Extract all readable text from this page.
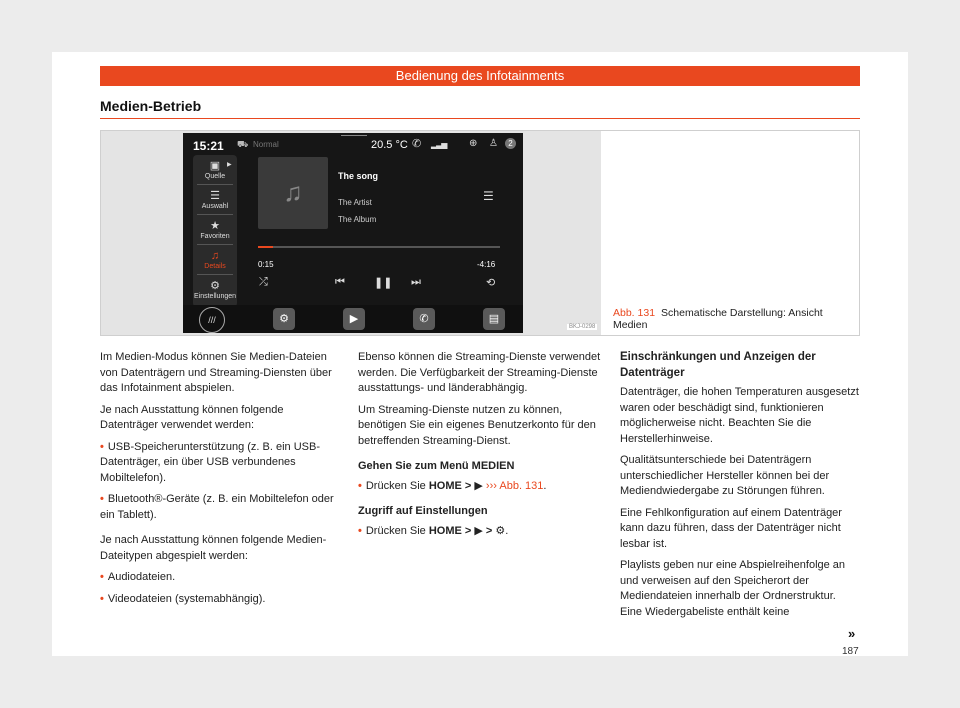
Bedienung des Infotainments
Medien-Betrieb
15:21 ⛟ Normal	20.5 °C ✆ ▂▃▅ ⊕ ♙	2
▣
Quelle
▶
☰
Auswahl
★
Favoriten
♫
Details
⚙
Einstellungen
♫
The song
The Artist
The Album
☰
0:15	-4:16
⤮	⏮	❚❚ ⏭	⟲
///	⚙	▶	✆	▤
BKJ-0298
Abb. 131 Schematische Darstellung: Ansicht Medien

Im Medien-Modus können Sie Medien-Dateien von Datenträgern und Streaming-Diensten über das Infotainment abspielen.

Je nach Ausstattung können folgende Datenträger verwendet werden:

• USB-Speicherunterstützung (z. B. ein USB-Datenträger, ein über USB verbundenes Mobiltelefon).

• Bluetooth®-Geräte (z. B. ein Mobiltelefon oder ein Tablett).

Je nach Ausstattung können folgende Medien-Dateitypen abgespielt werden:

• Audiodateien.

• Videodateien (systemabhängig).

Ebenso können die Streaming-Dienste verwendet werden. Die Verfügbarkeit der Streaming-Dienste ausstattungs- und länderabhängig.

Um Streaming-Dienste nutzen zu können, benötigen Sie ein eigenes Benutzerkonto für den betreffenden Streaming-Dienst.

Gehen Sie zum Menü MEDIEN

• Drücken Sie HOME > ▶ ››› Abb. 131.

Zugriff auf Einstellungen

• Drücken Sie HOME > ▶ > ⚙.

Einschränkungen und Anzeigen der Datenträger

Datenträger, die hohen Temperaturen ausgesetzt waren oder beschädigt sind, funktionieren möglicherweise nicht. Beachten Sie die Herstellerhinweise.

Qualitätsunterschiede bei Datenträgern unterschiedlicher Hersteller können bei der Mediendwiedergabe zu Störungen führen.

Eine Fehlkonfiguration auf einem Datenträger kann dazu führen, dass der Datenträger nicht lesbar ist.

Playlists geben nur eine Abspielreihenfolge an und verweisen auf den Speicherort der Mediendateien innerhalb der Ordnerstruktur. Eine Wiedergabeliste enthält keine

»
187
